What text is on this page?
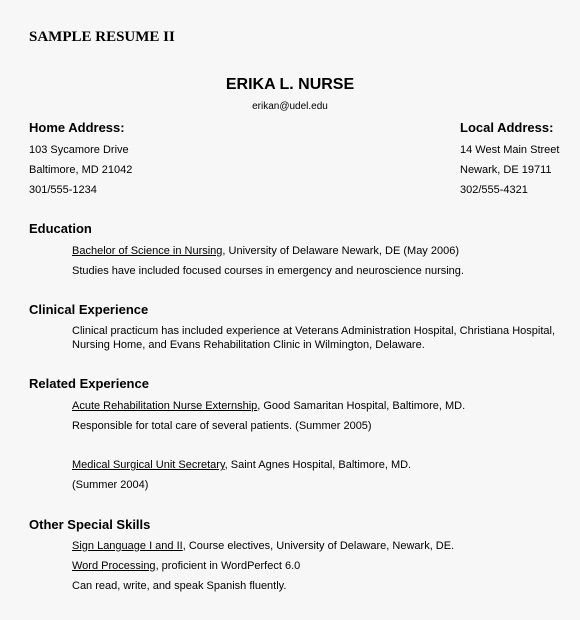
SAMPLE RESUME II
ERIKA L. NURSE
erikan@udel.edu
Home Address:
103 Sycamore Drive
Baltimore, MD 21042
301/555-1234
Local Address:
14 West Main Street
Newark, DE 19711
302/555-4321
Education
Bachelor of Science in Nursing, University of Delaware Newark, DE (May 2006)
Studies have included focused courses in emergency and neuroscience nursing.
Clinical Experience
Clinical practicum has included experience at Veterans Administration Hospital, Christiana Hospital,
Nursing Home, and Evans Rehabilitation Clinic in Wilmington, Delaware.
Related Experience
Acute Rehabilitation Nurse Externship, Good Samaritan Hospital, Baltimore, MD.
Responsible for total care of several patients. (Summer 2005)
Medical Surgical Unit Secretary, Saint Agnes Hospital, Baltimore, MD.
(Summer 2004)
Other Special Skills
Sign Language I and II, Course electives, University of Delaware, Newark, DE.
Word Processing, proficient in WordPerfect 6.0
Can read, write, and speak Spanish fluently.
